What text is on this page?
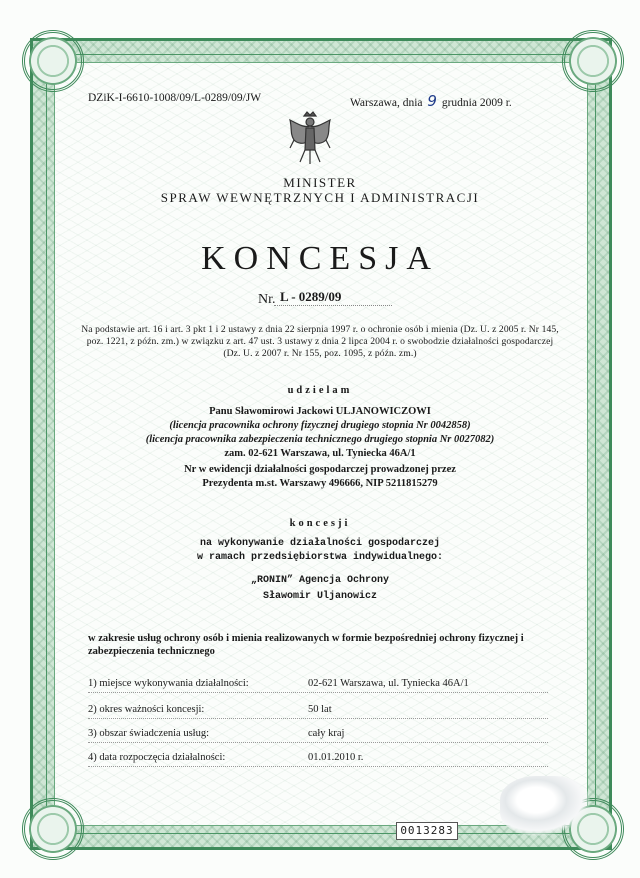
DZiK-I-6610-1008/09/L-0289/09/JW	Warszawa, dnia 9 grudnia 2009 r.
MINISTER
SPRAW WEWNĘTRZNYCH I ADMINISTRACJI
KONCESJA
Nr. L - 0289/09
Na podstawie art. 16 i art. 3 pkt 1 i 2 ustawy z dnia 22 sierpnia 1997 r. o ochronie osób i mienia (Dz. U. z 2005 r. Nr 145, poz. 1221, z późn. zm.) w związku z art. 47 ust. 3 ustawy z dnia 2 lipca 2004 r. o swobodzie działalności gospodarczej (Dz. U. z 2007 r. Nr 155, poz. 1095, z późn. zm.)
udzielam
Panu Sławomirowi Jackowi ULJANOWICZOWI
(licencja pracownika ochrony fizycznej drugiego stopnia Nr 0042858)
(licencja pracownika zabezpieczenia technicznego drugiego stopnia Nr 0027082)
zam. 02-621 Warszawa, ul. Tyniecka 46A/1
Nr w ewidencji działalności gospodarczej prowadzonej przez
Prezydenta m.st. Warszawy 496666, NIP 5211815279
koncesji
na wykonywanie działalności gospodarczej
w ramach przedsiębiorstwa indywidualnego:
„RONIN” Agencja Ochrony
Sławomir Uljanowicz
w zakresie usług ochrony osób i mienia realizowanych w formie bezpośredniej ochrony fizycznej i zabezpieczenia technicznego
1) miejsce wykonywania działalności:	02-621 Warszawa, ul. Tyniecka 46A/1
2) okres ważności koncesji:	50 lat
3) obszar świadczenia usług:	cały kraj
4) data rozpoczęcia działalności:	01.01.2010 r.
0013283
